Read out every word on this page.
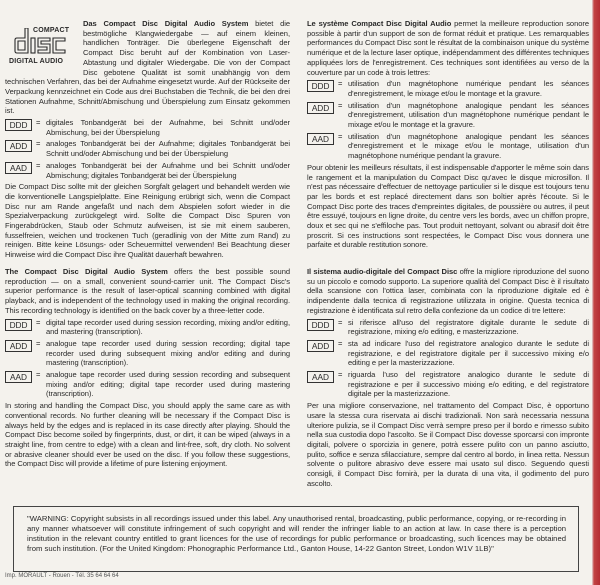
COMPACT
DIGITAL AUDIO

Das Compact Disc Digital Audio System bietet die bestmögliche Klangwiedergabe — auf einem kleinen, handlichen Tonträger. Die überlegene Eigenschaft der Compact Disc beruht auf der Kombination von Laser-Abtastung und digitaler Wiedergabe. Die von der Compact Disc gebotene Qualität ist somit unabhängig von dem technischen Verfahren, das bei der Aufnahme eingesetzt wurde. Auf der Rückseite der Verpackung kennzeichnet ein Code aus drei Buchstaben die Technik, die bei den drei Stationen Aufnahme, Schnitt/Abmischung und Überspielung zum Einsatz gekommen ist.

DDD	= digitales Tonbandgerät bei der Aufnahme, bei Schnitt und/oder Abmischung, bei der Überspielung
ADD	= analoges Tonbandgerät bei der Aufnahme; digitales Tonbandgerät bei Schnitt und/oder Abmischung und bei der Überspielung
AAD	= analoges Tonbandgerät bei der Aufnahme und bei Schnitt und/oder Abmischung; digitales Tonbandgerät bei der Überspielung

Die Compact Disc sollte mit der gleichen Sorgfalt gelagert und behandelt werden wie die konventionelle Langspielplatte. Eine Reinigung erübrigt sich, wenn die Compact Disc nur am Rande angefaßt und nach dem Abspielen sofort wieder in die Spezialverpackung zurückgelegt wird. Sollte die Compact Disc Spuren von Fingerabdrücken, Staub oder Schmutz aufweisen, ist sie mit einem sauberen, fusselfreien, weichen und trockenen Tuch (geradlinig von der Mitte zum Rand) zu reinigen. Bitte keine Lösungs- oder Scheuermittel verwenden! Bei Beachtung dieser Hinweise wird die Compact Disc ihre Qualität dauerhaft bewahren.

Le système Compact Disc Digital Audio permet la meilleure reproduction sonore possible à partir d'un support de son de format réduit et pratique. Les remarquables performances du Compact Disc sont le résultat de la combinaison unique du système numérique et de la lecture laser optique, indépendamment des différentes techniques appliquées lors de l'enregistrement. Ces techniques sont identifiées au verso de la couverture par un code à trois lettres:

DDD	= utilisation d'un magnétophone numérique pendant les séances d'enregistrement, le mixage et/ou le montage et la gravure.
ADD	= utilisation d'un magnétophone analogique pendant les séances d'enregistrement, utilisation d'un magnétophone numérique pendant le mixage et/ou le montage et la gravure.
AAD	= utilisation d'un magnétophone analogique pendant les séances d'enregistrement et le mixage et/ou le montage, utilisation d'un magnétophone numérique pendant la gravure.

Pour obtenir les meilleurs résultats, il est indispensable d'apporter le même soin dans le rangement et la manipulation du Compact Disc qu'avec le disque microsillon. Il n'est pas nécessaire d'effectuer de nettoyage particulier si le disque est toujours tenu par les bords et est replacé directement dans son boîtier après l'écoute. Si le Compact Disc porte des traces d'empreintes digitales, de poussière ou autres, il peut être essuyé, toujours en ligne droite, du centre vers les bords, avec un chiffon propre, doux et sec qui ne s'effiloche pas. Tout produit nettoyant, solvant ou abrasif doit être proscrit. Si ces instructions sont respectées, le Compact Disc vous donnera une parfaite et durable restitution sonore.

The Compact Disc Digital Audio System offers the best possible sound reproduction — on a small, convenient sound-carrier unit. The Compact Disc's superior performance is the result of laser-optical scanning combined with digital playback, and is independent of the technology used in making the original recording. This recording technology is identified on the back cover by a three-letter code.

DDD	= digital tape recorder used during session recording, mixing and/or editing, and mastering (transcription).
ADD	= analogue tape recorder used during session recording; digital tape recorder used during subsequent mixing and/or editing and during mastering (transcription).
AAD	= analogue tape recorder used during session recording and subsequent mixing and/or editing; digital tape recorder used during mastering (transcription).

In storing and handling the Compact Disc, you should apply the same care as with conventional records. No further cleaning will be necessary if the Compact Disc is always held by the edges and is replaced in its case directly after playing. Should the Compact Disc become soiled by fingerprints, dust, or dirt, it can be wiped (always in a straight line, from centre to edge) with a clean and lint-free, soft, dry cloth. No solvent or abrasive cleaner should ever be used on the disc. If you follow these suggestions, the Compact Disc will provide a lifetime of pure listening enjoyment.

Il sistema audio-digitale del Compact Disc offre la migliore riproduzione del suono su un piccolo e comodo supporto. La superiore qualità del Compact Disc è il risultato della scansione con l'ottica laser, combinata con la riproduzione digitale ed è indipendente dalla tecnica di registrazione utilizzata in origine. Questa tecnica di registrazione è identificata sul retro della confezione da un codice di tre lettere:

DDD	= si riferisce all'uso del registratore digitale durante le sedute di registrazione, mixing e/o editing, e masterizzazione.
ADD	= sta ad indicare l'uso del registratore analogico durante le sedute di registrazione, e del registratore digitale per il successivo mixing e/o editing e per la masterizzazione.
AAD	= riguarda l'uso del registratore analogico durante le sedute di registrazione e per il successivo mixing e/o editing, e del registratore digitale per la masterizzazione.

Per una migliore conservazione, nel trattamento del Compact Disc, è opportuno usare la stessa cura riservata ai dischi tradizionali. Non sarà necessaria nessuna ulteriore pulizia, se il Compact Disc verrà sempre preso per il bordo e rimesso subito nella sua custodia dopo l'ascolto. Se il Compact Disc dovesse sporcarsi con impronte digitali, polvere o sporcizia in genere, potrà essere pulito con un panno asciutto, pulito, soffice e senza sfilacciature, sempre dal centro al bordo, in linea retta. Nessun solvente o pulitore abrasivo deve essere mai usato sul disco. Seguendo questi consigli, il Compact Disc fornirà, per la durata di una vita, il godimento del puro ascolto.

"WARNING: Copyright subsists in all recordings issued under this label. Any unauthorised rental, broadcasting, public performance, copying, or re-recording in any manner whatsoever will constitute infringement of such copyright and will render the infringer liable to an action at law. In case there is a perception institution in the relevant country entitled to grant licences for the use of recordings for public performance or broadcasting, such licences may be obtained from such institution. (For the United Kingdom: Phonographic Performance Ltd., Ganton House, 14-22 Ganton Street, London W1V 1LB)"
Imp. MORAULT - Rouen - Tél. 35 64 64 64
